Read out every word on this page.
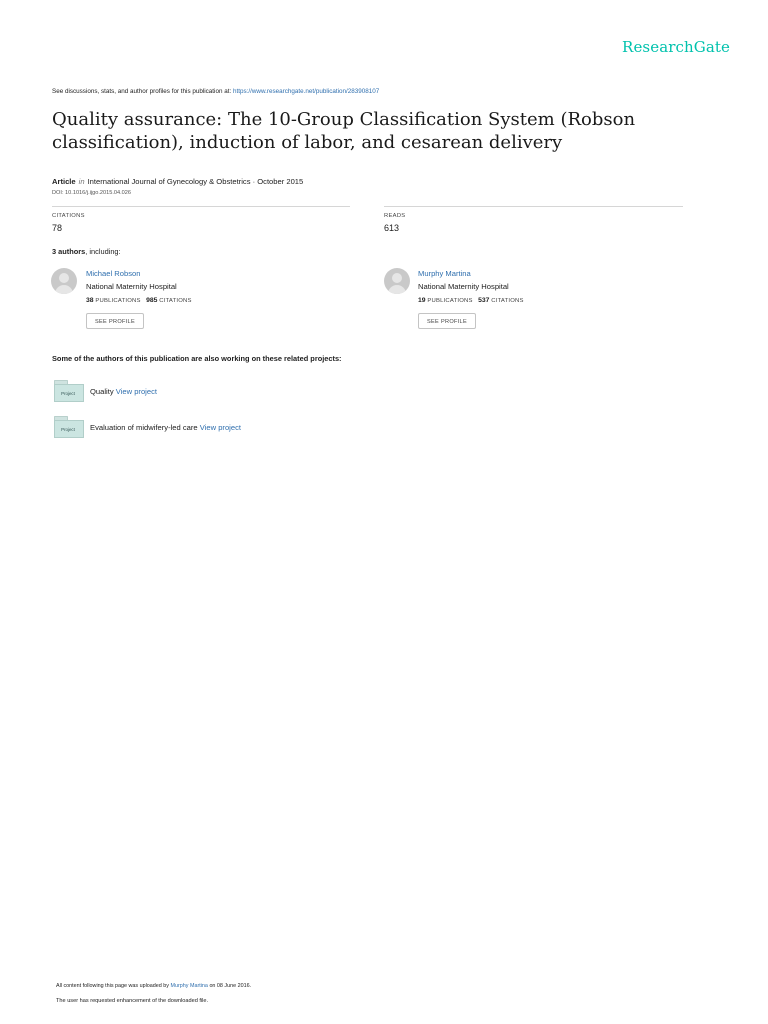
ResearchGate
See discussions, stats, and author profiles for this publication at: https://www.researchgate.net/publication/283908107
Quality assurance: The 10-Group Classification System (Robson classification), induction of labor, and cesarean delivery
Article in International Journal of Gynecology & Obstetrics · October 2015
DOI: 10.1016/j.ijgo.2015.04.026
CITATIONS
78
READS
613
3 authors, including:
Michael Robson
National Maternity Hospital
38 PUBLICATIONS 985 CITATIONS
SEE PROFILE
Murphy Martina
National Maternity Hospital
19 PUBLICATIONS 537 CITATIONS
SEE PROFILE
Some of the authors of this publication are also working on these related projects:
Project	Quality View project
Project	Evaluation of midwifery-led care View project
All content following this page was uploaded by Murphy Martina on 08 June 2016.
The user has requested enhancement of the downloaded file.
